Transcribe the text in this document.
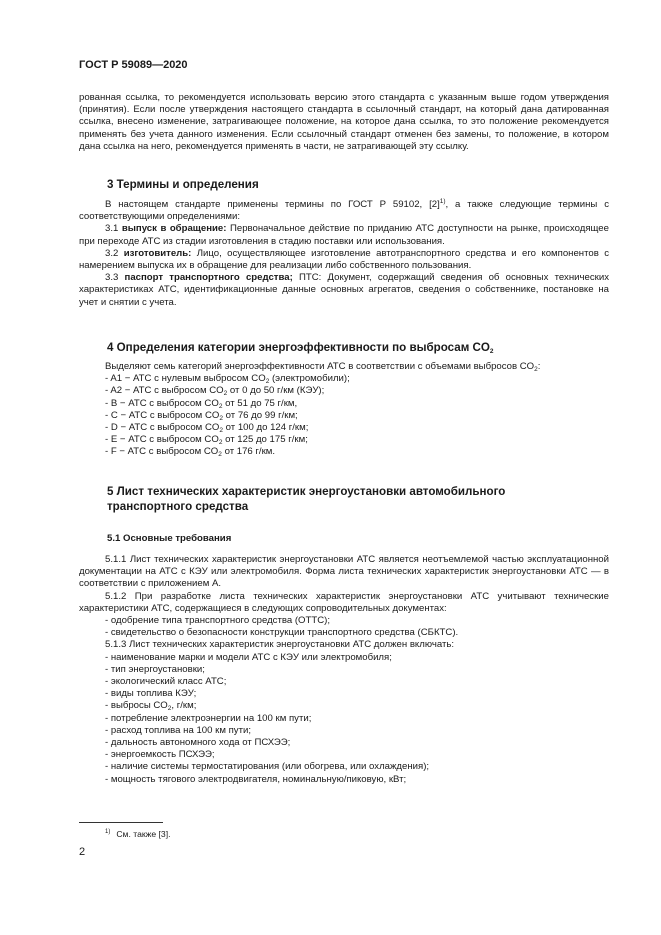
ГОСТ Р 59089—2020
рованная ссылка, то рекомендуется использовать версию этого стандарта с указанным выше годом утверждения (принятия). Если после утверждения настоящего стандарта в ссылочный стандарт, на который дана датированная ссылка, внесено изменение, затрагивающее положение, на которое дана ссылка, то это положение рекомендуется применять без учета данного изменения. Если ссылочный стандарт отменен без замены, то положение, в котором дана ссылка на него, рекомендуется применять в части, не затрагивающей эту ссылку.
3 Термины и определения

В настоящем стандарте применены термины по ГОСТ Р 59102, $[2]^{1)}$, а также следующие термины с соответствующими определениями:

3.1 выпуск в обращение: Первоначальное действие по приданию АТС доступности на рынке, происходящее при переходе АТС из стадии изготовления в стадию поставки или использования.

3.2 изготовитель: Лицо, осуществляющее изготовление автотранспортного средства и его компонентов с намерением выпуска их в обращение для реализации либо собственного пользования.

3.3 паспорт транспортного средства; ПТС: Документ, содержащий сведения об основных технических характеристиках АТС, идентификационные данные основных агрегатов, сведения о собственнике, постановке на учет и снятии с учета.

4 Определения категории энергоэффективности по выбросам $CO_2$

Выделяют семь категорий энергоэффективности АТС в соответствии с объемами выбросов $CO_2$:

- A1 − АТС с нулевым выбросом $CO_2$ (электромобили);

- A2 − АТС с выбросом $CO_2$ от 0 до 50 г/км (КЭУ);

- B − АТС с выбросом $CO_2$ от 51 до 75 г/км,

- C − АТС с выбросом $CO_2$ от 76 до 99 г/км;

- D − АТС с выбросом $CO_2$ от 100 до 124 г/км;

- E − АТС с выбросом $CO_2$ от 125 до 175 г/км;

- F − АТС с выбросом $CO_2$ от 176 г/км.

5 Лист технических характеристик энергоустановки автомобильного
транспортного средства
5.1 Основные требования

5.1.1 Лист технических характеристик энергоустановки АТС является неотъемлемой частью эксплуатационной документации на АТС с КЭУ или электромобиля. Форма листа технических характеристик энергоустановки АТС — в соответствии с приложением А.

5.1.2 При разработке листа технических характеристик энергоустановки АТС учитывают технические характеристики АТС, содержащиеся в следующих сопроводительных документах:

- одобрение типа транспортного средства (ОТТС);

- свидетельство о безопасности конструкции транспортного средства (СБКТС).

5.1.3 Лист технических характеристик энергоустановки АТС должен включать:

- наименование марки и модели АТС с КЭУ или электромобиля;

- тип энергоустановки;

- экологический класс АТС;

- виды топлива КЭУ;

- выбросы $CO_2$, г/км;

- потребление электроэнергии на 100 км пути;

- расход топлива на 100 км пути;

- дальность автономного хода от ПСХЭЭ;

- энергоемкость ПСХЭЭ;

- наличие системы термостатирования (или обогрева, или охлаждения);

- мощность тягового электродвигателя, номинальную/пиковую, кВт;

$^{1)}$ См. также [3].
2
